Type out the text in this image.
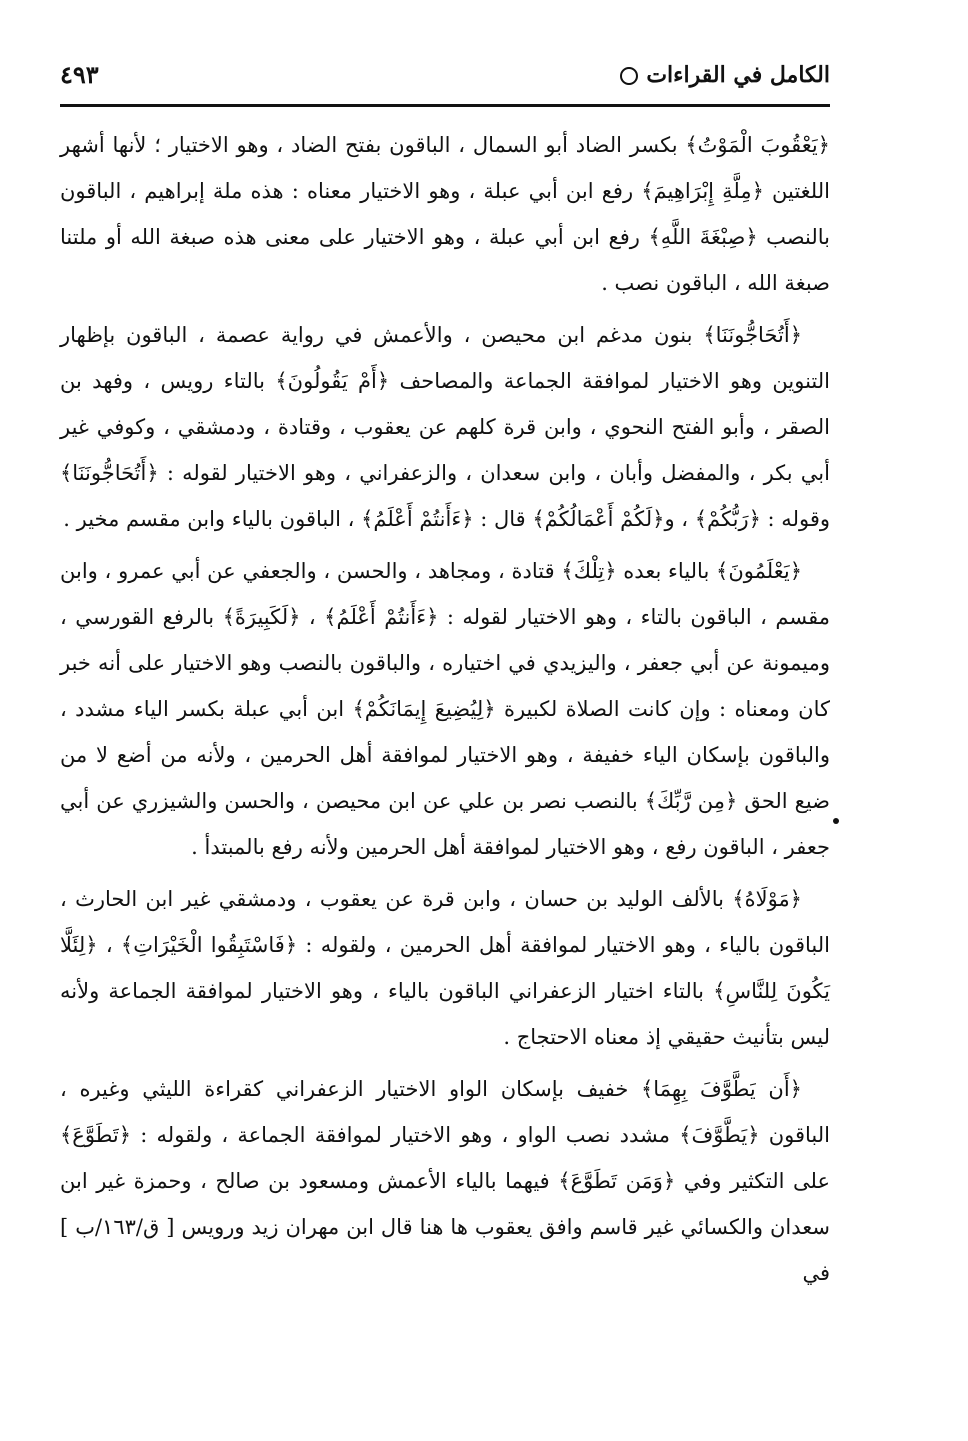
الكامل في القراءات
٤٩٣

﴿يَعْقُوبَ الْمَوْتُ﴾ بكسر الضاد أبو السمال ، الباقون بفتح الضاد ، وهو الاختيار ؛ لأنها أشهر اللغتين ﴿مِلَّةِ إِبْرَاهِيمَ﴾ رفع ابن أبي عبلة ، وهو الاختيار معناه : هذه ملة إبراهيم ، الباقون بالنصب ﴿صِبْغَةَ اللَّهِ﴾ رفع ابن أبي عبلة ، وهو الاختيار على معنى هذه صبغة الله أو ملتنا صبغة الله ، الباقون نصب .

﴿أَتُحَاجُّونَنَا﴾ بنون مدغم ابن محيصن ، والأعمش في رواية عصمة ، الباقون بإظهار التنوين وهو الاختيار لموافقة الجماعة والمصاحف ﴿أَمْ يَقُولُونَ﴾ بالتاء رويس ، وفهد بن الصقر ، وأبو الفتح النحوي ، وابن قرة كلهم عن يعقوب ، وقتادة ، ودمشقي ، وكوفي غير أبي بكر ، والمفضل وأبان ، وابن سعدان ، والزعفراني ، وهو الاختيار لقوله : ﴿أَتُحَاجُّونَنَا﴾ وقوله : ﴿رَبُّكُمْ﴾ ، و﴿لَكُمْ أَعْمَالُكُمْ﴾ قال : ﴿ءَأَنتُمْ أَعْلَمُ﴾ ، الباقون بالياء وابن مقسم مخير .

﴿يَعْلَمُونَ﴾ بالياء بعده ﴿تِلْكَ﴾ قتادة ، ومجاهد ، والحسن ، والجعفي عن أبي عمرو ، وابن مقسم ، الباقون بالتاء ، وهو الاختيار لقوله : ﴿ءَأَنتُمْ أَعْلَمُ﴾ ، ﴿لَكَبِيرَةً﴾ بالرفع القورسي ، وميمونة عن أبي جعفر ، واليزيدي في اختياره ، والباقون بالنصب وهو الاختيار على أنه خبر كان ومعناه : وإن كانت الصلاة لكبيرة ﴿لِيُضِيعَ إِيمَانَكُمْ﴾ ابن أبي عبلة بكسر الياء مشدد ، والباقون بإسكان الياء خفيفة ، وهو الاختيار لموافقة أهل الحرمين ، ولأنه من أضع لا من ضيع الحق ﴿مِن رَّبِّكَ﴾ بالنصب نصر بن علي عن ابن محيصن ، والحسن والشيزري عن أبي جعفر ، الباقون رفع ، وهو الاختيار لموافقة أهل الحرمين ولأنه رفع بالمبتدأ .

﴿مَوْلَاهُ﴾ بالألف الوليد بن حسان ، وابن قرة عن يعقوب ، ودمشقي غير ابن الحارث ، الباقون بالياء ، وهو الاختيار لموافقة أهل الحرمين ، ولقوله : ﴿فَاسْتَبِقُوا الْخَيْرَاتِ﴾ ، ﴿لِئَلَّا يَكُونَ لِلنَّاسِ﴾ بالتاء اختيار الزعفراني الباقون بالياء ، وهو الاختيار لموافقة الجماعة ولأنه ليس بتأنيث حقيقي إذ معناه الاحتجاج .

﴿أَن يَطَّوَّفَ بِهِمَا﴾ خفيف بإسكان الواو الاختيار الزعفراني كقراءة الليثي وغيره ، الباقون ﴿يَطَّوَّفَ﴾ مشدد نصب الواو ، وهو الاختيار لموافقة الجماعة ، ولقوله : ﴿تَطَوَّعَ﴾ على التكثير وفي ﴿وَمَن تَطَوَّعَ﴾ فيهما بالياء الأعمش ومسعود بن صالح ، وحمزة غير ابن سعدان والكسائي غير قاسم وافق يعقوب ها هنا قال ابن مهران زيد ورويس [ ق/١٦٣/ب ] في
